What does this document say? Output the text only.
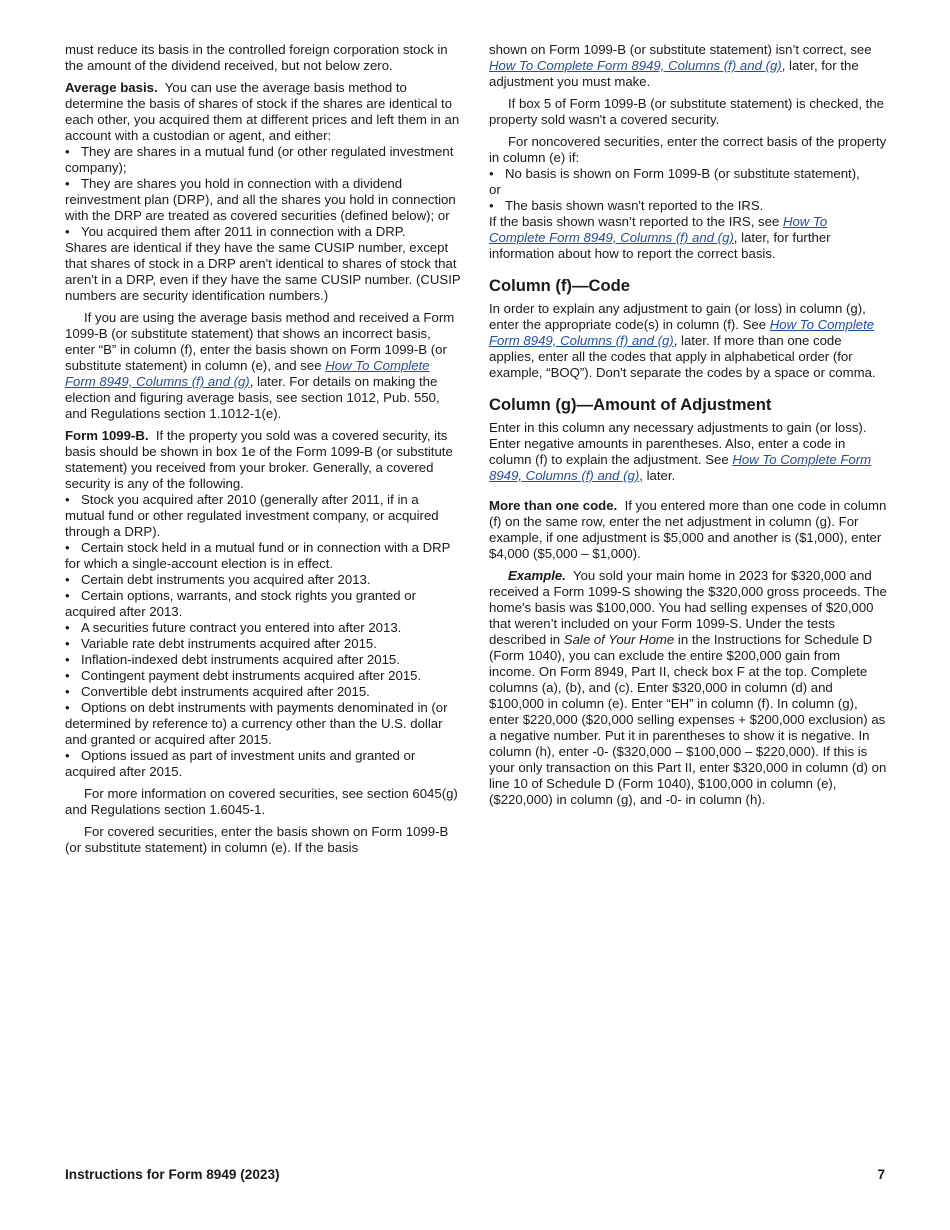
must reduce its basis in the controlled foreign corporation stock in the amount of the dividend received, but not below zero.

Average basis. You can use the average basis method to determine the basis of shares of stock if the shares are identical to each other, you acquired them at different prices and left them in an account with a custodian or agent, and either:

• They are shares in a mutual fund (or other regulated investment company);

• They are shares you hold in connection with a dividend reinvestment plan (DRP), and all the shares you hold in connection with the DRP are treated as covered securities (defined below); or

• You acquired them after 2011 in connection with a DRP.

Shares are identical if they have the same CUSIP number, except that shares of stock in a DRP aren't identical to shares of stock that aren't in a DRP, even if they have the same CUSIP number. (CUSIP numbers are security identification numbers.)

If you are using the average basis method and received a Form 1099-B (or substitute statement) that shows an incorrect basis, enter “B” in column (f), enter the basis shown on Form 1099-B (or substitute statement) in column (e), and see How To Complete Form 8949, Columns (f) and (g), later. For details on making the election and figuring average basis, see section 1012, Pub. 550, and Regulations section 1.1012-1(e).

Form 1099-B. If the property you sold was a covered security, its basis should be shown in box 1e of the Form 1099-B (or substitute statement) you received from your broker. Generally, a covered security is any of the following.

• Stock you acquired after 2010 (generally after 2011, if in a mutual fund or other regulated investment company, or acquired through a DRP).

• Certain stock held in a mutual fund or in connection with a DRP for which a single-account election is in effect.

• Certain debt instruments you acquired after 2013.

• Certain options, warrants, and stock rights you granted or acquired after 2013.

• A securities future contract you entered into after 2013.

• Variable rate debt instruments acquired after 2015.

• Inflation-indexed debt instruments acquired after 2015.

• Contingent payment debt instruments acquired after 2015.

• Convertible debt instruments acquired after 2015.

• Options on debt instruments with payments denominated in (or determined by reference to) a currency other than the U.S. dollar and granted or acquired after 2015.

• Options issued as part of investment units and granted or acquired after 2015.

For more information on covered securities, see section 6045(g) and Regulations section 1.6045-1.

For covered securities, enter the basis shown on Form 1099-B (or substitute statement) in column (e). If the basis

shown on Form 1099-B (or substitute statement) isn’t correct, see How To Complete Form 8949, Columns (f) and (g), later, for the adjustment you must make.

If box 5 of Form 1099-B (or substitute statement) is checked, the property sold wasn't a covered security.

For noncovered securities, enter the correct basis of the property in column (e) if:

• No basis is shown on Form 1099-B (or substitute statement),

or

• The basis shown wasn't reported to the IRS.

If the basis shown wasn’t reported to the IRS, see How To Complete Form 8949, Columns (f) and (g), later, for further information about how to report the correct basis.

Column (f)—Code

In order to explain any adjustment to gain (or loss) in column (g), enter the appropriate code(s) in column (f). See How To Complete Form 8949, Columns (f) and (g), later. If more than one code applies, enter all the codes that apply in alphabetical order (for example, “BOQ”). Don't separate the codes by a space or comma.

Column (g)—Amount of Adjustment

Enter in this column any necessary adjustments to gain (or loss). Enter negative amounts in parentheses. Also, enter a code in column (f) to explain the adjustment. See How To Complete Form 8949, Columns (f) and (g), later.

More than one code. If you entered more than one code in column (f) on the same row, enter the net adjustment in column (g). For example, if one adjustment is $5,000 and another is ($1,000), enter $4,000 ($5,000 – $1,000).

Example. You sold your main home in 2023 for $320,000 and received a Form 1099-S showing the $320,000 gross proceeds. The home's basis was $100,000. You had selling expenses of $20,000 that weren’t included on your Form 1099-S. Under the tests described in Sale of Your Home in the Instructions for Schedule D (Form 1040), you can exclude the entire $200,000 gain from income. On Form 8949, Part II, check box F at the top. Complete columns (a), (b), and (c). Enter $320,000 in column (d) and $100,000 in column (e). Enter “EH” in column (f). In column (g), enter $220,000 ($20,000 selling expenses + $200,000 exclusion) as a negative number. Put it in parentheses to show it is negative. In column (h), enter -0- ($320,000 – $100,000 – $220,000). If this is your only transaction on this Part II, enter $320,000 in column (d) on line 10 of Schedule D (Form 1040), $100,000 in column (e), ($220,000) in column (g), and -0- in column (h).

Instructions for Form 8949 (2023)	7
